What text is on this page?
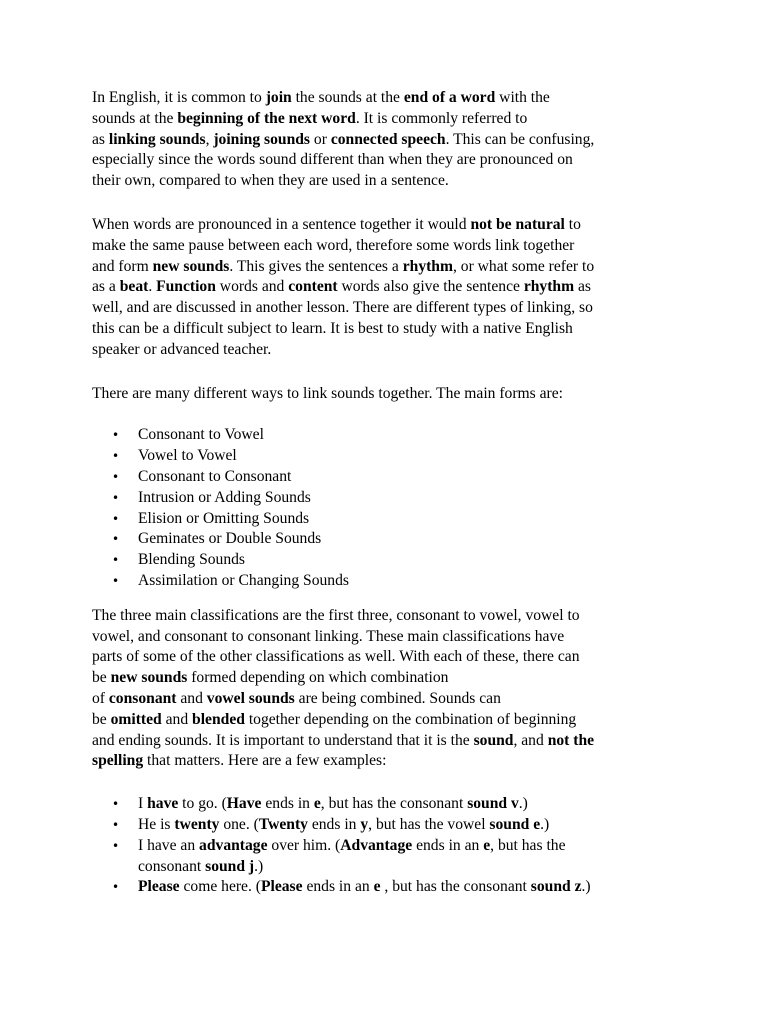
In English, it is common to join the sounds at the end of a word with the
sounds at the beginning of the next word. It is commonly referred to
as linking sounds, joining sounds or connected speech. This can be confusing,
especially since the words sound different than when they are pronounced on
their own, compared to when they are used in a sentence.

When words are pronounced in a sentence together it would not be natural to
make the same pause between each word, therefore some words link together
and form new sounds. This gives the sentences a rhythm, or what some refer to
as a beat. Function words and content words also give the sentence rhythm as
well, and are discussed in another lesson. There are different types of linking, so
this can be a difficult subject to learn. It is best to study with a native English
speaker or advanced teacher.

There are many different ways to link sounds together. The main forms are:

• Consonant to Vowel
• Vowel to Vowel
• Consonant to Consonant
• Intrusion or Adding Sounds
• Elision or Omitting Sounds
• Geminates or Double Sounds
• Blending Sounds
• Assimilation or Changing Sounds

The three main classifications are the first three, consonant to vowel, vowel to
vowel, and consonant to consonant linking. These main classifications have
parts of some of the other classifications as well. With each of these, there can
be new sounds formed depending on which combination
of consonant and vowel sounds are being combined. Sounds can
be omitted and blended together depending on the combination of beginning
and ending sounds. It is important to understand that it is the sound, and not the
spelling that matters. Here are a few examples:

• I have to go. (Have ends in e, but has the consonant sound v.)
• He is twenty one. (Twenty ends in y, but has the vowel sound e.)
• I have an advantage over him. (Advantage ends in an e, but has the
consonant sound j.)
• Please come here. (Please ends in an e , but has the consonant sound z.)
